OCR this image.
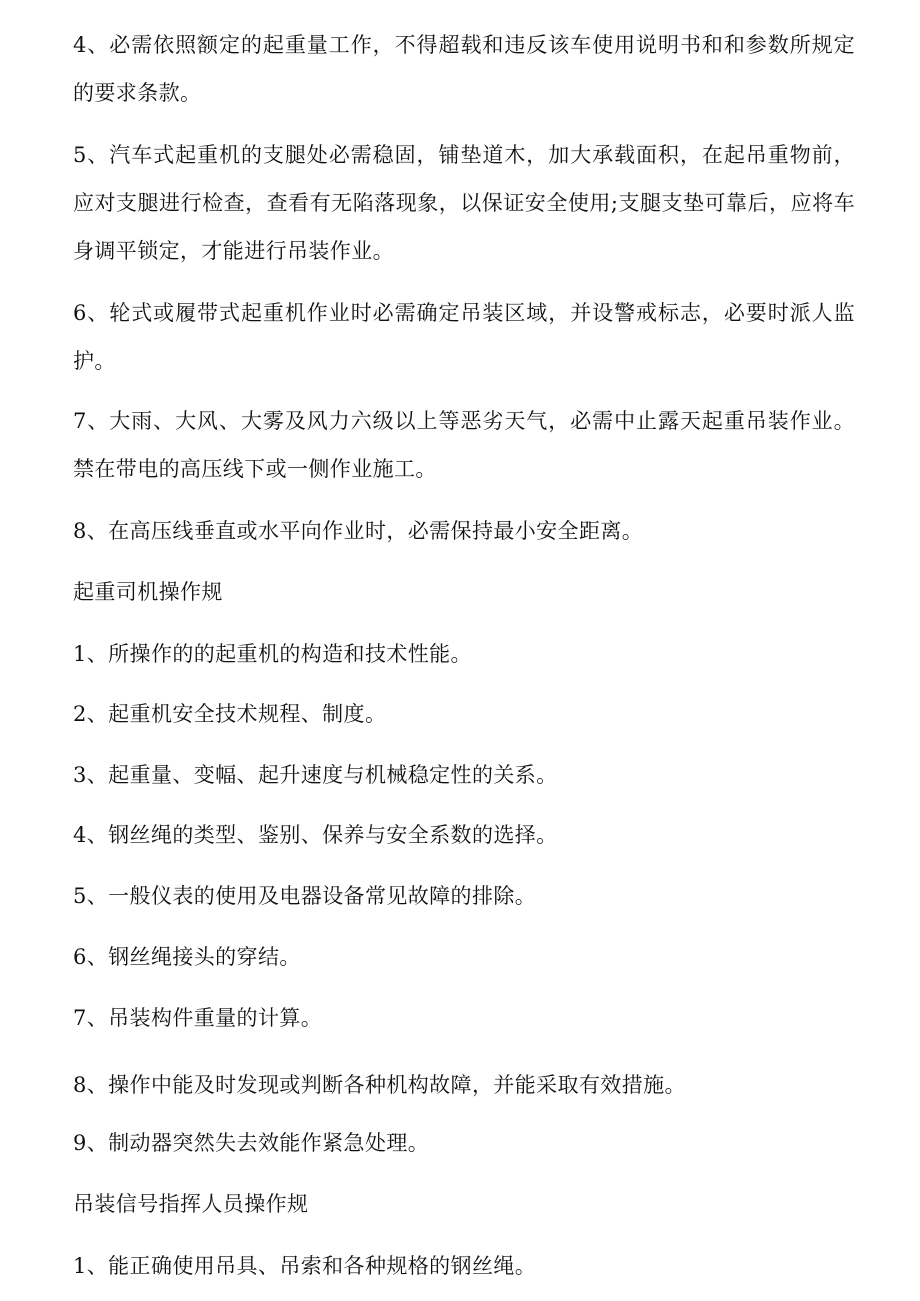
4、必需依照额定的起重量工作，不得超载和违反该车使用说明书和和参数所规定的要求条款。

5、汽车式起重机的支腿处必需稳固，铺垫道木，加大承载面积，在起吊重物前，应对支腿进行检查，查看有无陷落现象，以保证安全使用;支腿支垫可靠后，应将车身调平锁定，才能进行吊装作业。

6、轮式或履带式起重机作业时必需确定吊装区域，并设警戒标志，必要时派人监护。

7、大雨、大风、大雾及风力六级以上等恶劣天气，必需中止露天起重吊装作业。禁在带电的高压线下或一侧作业施工。

8、在高压线垂直或水平向作业时，必需保持最小安全距离。

起重司机操作规

1、所操作的的起重机的构造和技术性能。

2、起重机安全技术规程、制度。

3、起重量、变幅、起升速度与机械稳定性的关系。

4、钢丝绳的类型、鉴别、保养与安全系数的选择。

5、一般仪表的使用及电器设备常见故障的排除。

6、钢丝绳接头的穿结。

7、吊装构件重量的计算。

8、操作中能及时发现或判断各种机构故障，并能采取有效措施。

9、制动器突然失去效能作紧急处理。

吊装信号指挥人员操作规

1、能正确使用吊具、吊索和各种规格的钢丝绳。
